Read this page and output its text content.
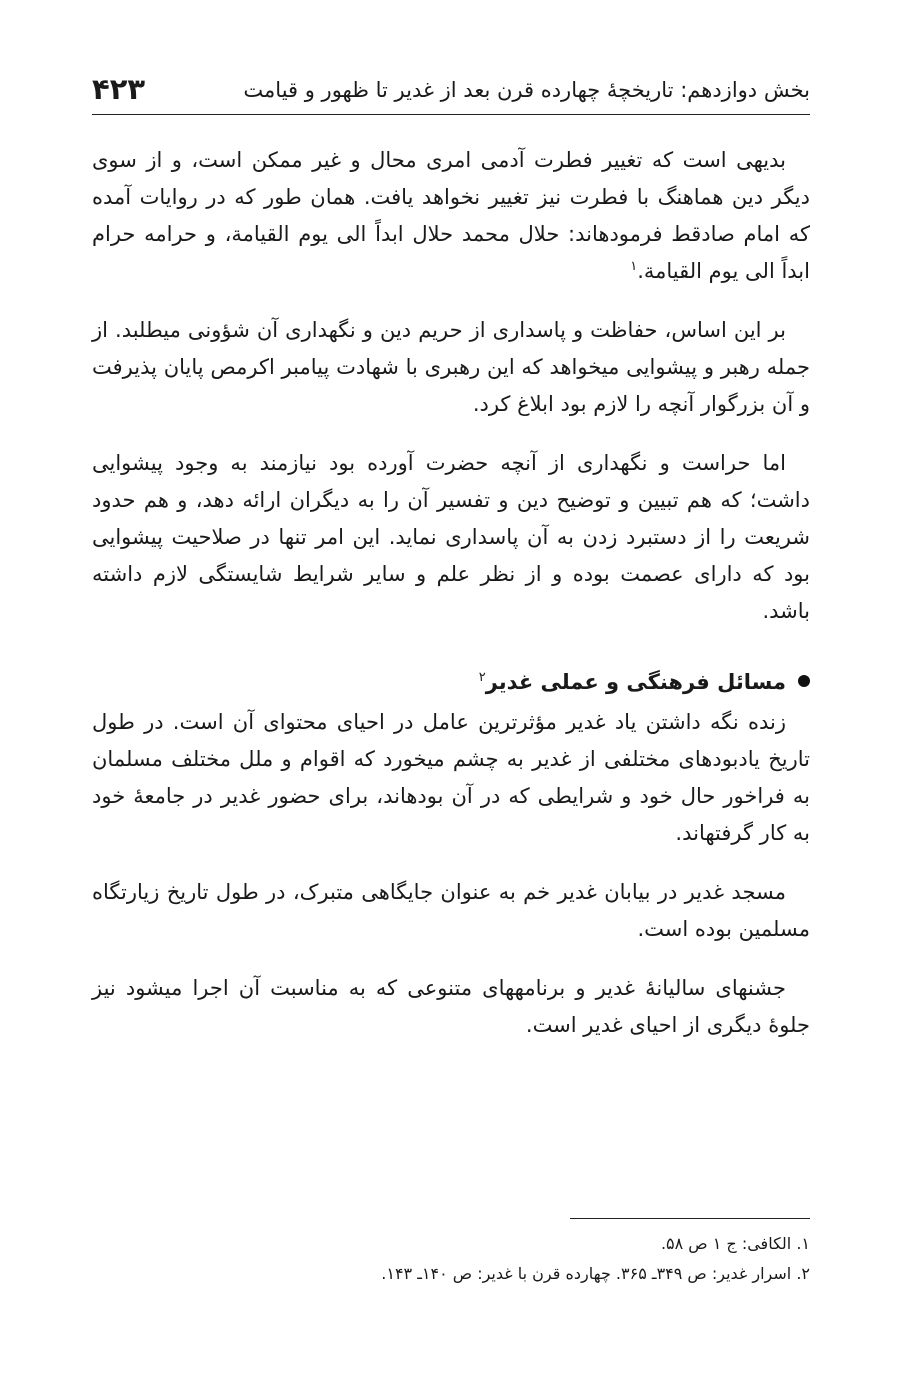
بخش دوازدهم: تاریخچهٔ چهارده قرن بعد از غدیر تا ظهور و قیامت
۴۲۳

بدیهی است که تغییر فطرت آدمی امری محال و غیر ممکن است، و از سوی دیگر دین هماهنگ با فطرت نیز تغییر نخواهد یافت. همان طور که در روایات آمده که امام صادقط فرمودهاند: حلال محمد حلال ابداً الی یوم القیامة، و حرامه حرام ابداً الی یوم القیامة.$^۱$

بر این اساس، حفاظت و پاسداری از حریم دین و نگهداری آن شؤونی میطلبد. از جمله رهبر و پیشوایی میخواهد که این رهبری با شهادت پیامبر اکرمص پایان پذیرفت و آن بزرگوار آنچه را لازم بود ابلاغ کرد.

اما حراست و نگهداری از آنچه حضرت آورده بود نیازمند به وجود پیشوایی داشت؛ که هم تبیین و توضیح دین و تفسیر آن را به دیگران ارائه دهد، و هم حدود شریعت را از دستبرد زدن به آن پاسداری نماید. این امر تنها در صلاحیت پیشوایی بود که دارای عصمت بوده و از نظر علم و سایر شرایط شایستگی لازم داشته باشد.

مسائل فرهنگی و عملی غدیر$^۲$

زنده نگه داشتن یاد غدیر مؤثرترین عامل در احیای محتوای آن است. در طول تاریخ یادبودهای مختلفی از غدیر به چشم میخورد که اقوام و ملل مختلف مسلمان به فراخور حال خود و شرایطی که در آن بودهاند، برای حضور غدیر در جامعهٔ خود به کار گرفتهاند.

مسجد غدیر در بیابان غدیر خم به عنوان جایگاهی متبرک، در طول تاریخ زیارتگاه مسلمین بوده است.

جشنهای سالیانهٔ غدیر و برنامههای متنوعی که به مناسبت آن اجرا میشود نیز جلوهٔ دیگری از احیای غدیر است.

۱. الکافی: ج ۱ ص ۵۸.
۲. اسرار غدیر: ص ۳۴۹ـ ۳۶۵. چهارده قرن با غدیر: ص ۱۴۰ـ ۱۴۳.
